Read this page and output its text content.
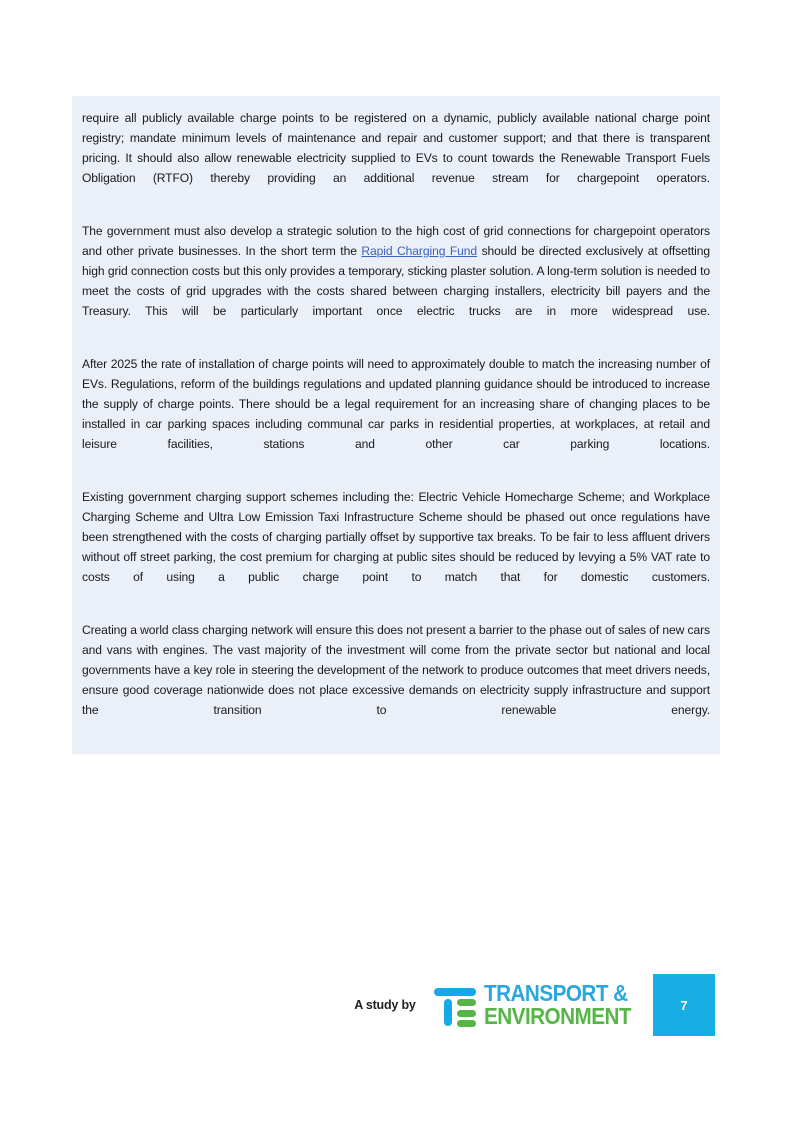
require all publicly available charge points to be registered on a dynamic, publicly available national charge point registry; mandate minimum levels of maintenance and repair and customer support; and that there is transparent pricing. It should also allow renewable electricity supplied to EVs to count towards the Renewable Transport Fuels Obligation (RTFO) thereby providing an additional revenue stream for chargepoint operators.

The government must also develop a strategic solution to the high cost of grid connections for chargepoint operators and other private businesses. In the short term the Rapid Charging Fund should be directed exclusively at offsetting high grid connection costs but this only provides a temporary, sticking plaster solution. A long-term solution is needed to meet the costs of grid upgrades with the costs shared between charging installers, electricity bill payers and the Treasury. This will be particularly important once electric trucks are in more widespread use.

After 2025 the rate of installation of charge points will need to approximately double to match the increasing number of EVs. Regulations, reform of the buildings regulations and updated planning guidance should be introduced to increase the supply of charge points. There should be a legal requirement for an increasing share of changing places to be installed in car parking spaces including communal car parks in residential properties, at workplaces, at retail and leisure facilities, stations and other car parking locations.

Existing government charging support schemes including the: Electric Vehicle Homecharge Scheme; and Workplace Charging Scheme and Ultra Low Emission Taxi Infrastructure Scheme should be phased out once regulations have been strengthened with the costs of charging partially offset by supportive tax breaks. To be fair to less affluent drivers without off street parking, the cost premium for charging at public sites should be reduced by levying a 5% VAT rate to costs of using a public charge point to match that for domestic customers.

Creating a world class charging network will ensure this does not present a barrier to the phase out of sales of new cars and vans with engines. The vast majority of the investment will come from the private sector but national and local governments have a key role in steering the development of the network to produce outcomes that meet drivers needs, ensure good coverage nationwide does not place excessive demands on electricity supply infrastructure and support the transition to renewable energy.

A study by	TRANSPORT &
ENVIRONMENT	7
